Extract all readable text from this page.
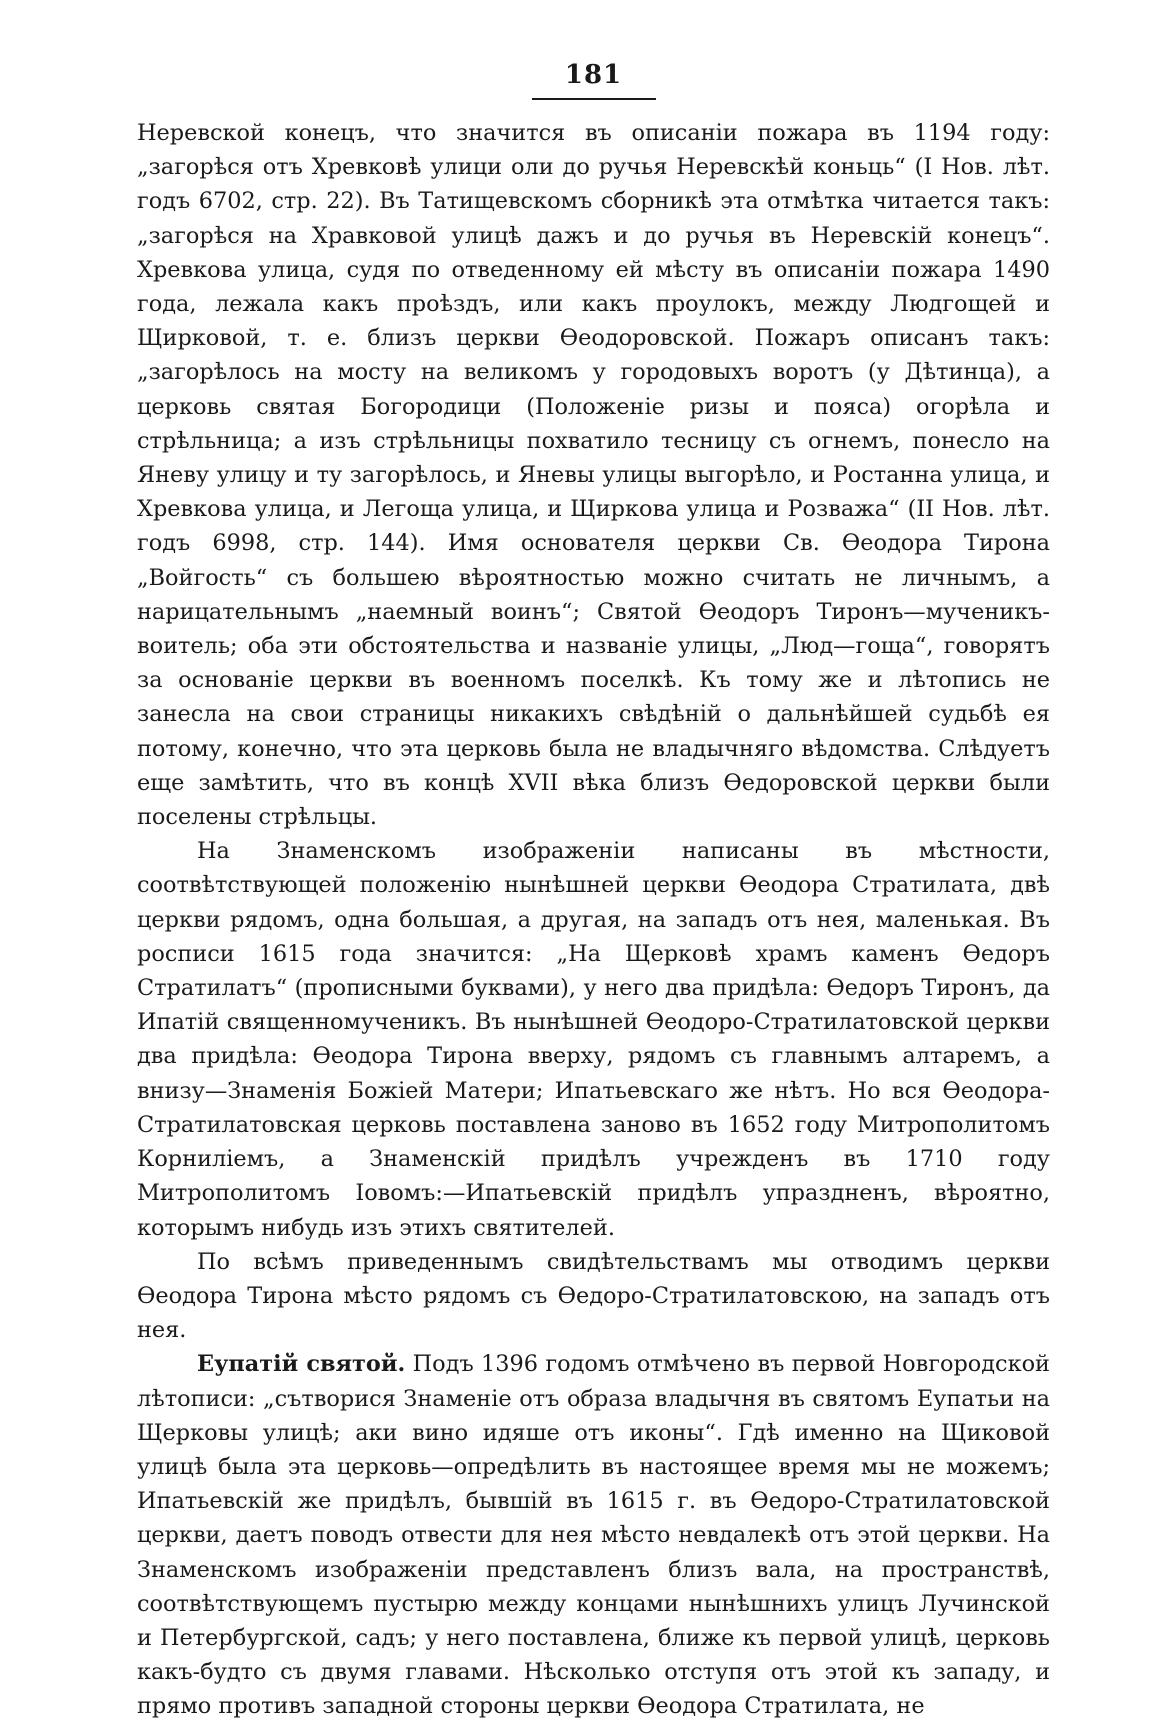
181

Неревской конецъ, что значится въ описаніи пожара въ 1194 году: „загорѣся отъ Хревковѣ улици оли до ручья Неревскѣй коньць“ (I Нов. лѣт. годъ 6702, стр. 22). Въ Татищевскомъ сборникѣ эта отмѣтка читается такъ: „загорѣся на Хравковой улицѣ дажъ и до ручья въ Неревскій конецъ“. Хревкова улица, судя по отведенному ей мѣсту въ описаніи пожара 1490 года, лежала какъ проѣздъ, или какъ проулокъ, между Людгощей и Щирковой, т. е. близъ церкви Ѳеодоровской. Пожаръ описанъ такъ: „загорѣлось на мосту на великомъ у городовыхъ воротъ (у Дѣтинца), а церковь святая Богородици (Положеніе ризы и пояса) огорѣла и стрѣльница; а изъ стрѣльницы похватило тесницу съ огнемъ, понесло на Яневу улицу и ту загорѣлось, и Яневы улицы выгорѣло, и Ростанна улица, и Хревкова улица, и Легоща улица, и Щиркова улица и Розважа“ (II Нов. лѣт. годъ 6998, стр. 144). Имя основателя церкви Св. Ѳеодора Тирона „Войгость“ съ большею вѣроятностью можно считать не личнымъ, а нарицательнымъ „наемный воинъ“; Святой Ѳеодоръ Тиронъ—мученикъ-воитель; оба эти обстоятельства и названіе улицы, „Люд—гоща“, говорятъ за основаніе церкви въ военномъ поселкѣ. Къ тому же и лѣтопись не занесла на свои страницы никакихъ свѣдѣній о дальнѣйшей судьбѣ ея потому, конечно, что эта церковь была не владычняго вѣдомства. Слѣдуетъ еще замѣтить, что въ концѣ XVII вѣка близъ Ѳедоровской церкви были поселены стрѣльцы.

На Знаменскомъ изображеніи написаны въ мѣстности, соотвѣтствующей положенію нынѣшней церкви Ѳеодора Стратилата, двѣ церкви рядомъ, одна большая, а другая, на западъ отъ нея, маленькая. Въ росписи 1615 года значится: „На Щерковѣ храмъ каменъ Ѳедоръ Стратилатъ“ (прописными буквами), у него два придѣла: Ѳедоръ Тиронъ, да Ипатій священномученикъ. Въ нынѣшней Ѳеодоро-Стратилатовской церкви два придѣла: Ѳеодора Тирона вверху, рядомъ съ главнымъ алтаремъ, а внизу—Знаменія Божіей Матери; Ипатьевскаго же нѣтъ. Но вся Ѳеодора-Стратилатовская церковь поставлена заново въ 1652 году Митрополитомъ Корниліемъ, а Знаменскій придѣлъ учрежденъ въ 1710 году Митрополитомъ Іовомъ:—Ипатьевскій придѣлъ упраздненъ, вѣроятно, которымъ нибудь изъ этихъ святителей.

По всѣмъ приведеннымъ свидѣтельствамъ мы отводимъ церкви Ѳеодора Тирона мѣсто рядомъ съ Ѳедоро-Стратилатовскою, на западъ отъ нея.

Еупатій святой. Подъ 1396 годомъ отмѣчено въ первой Новгородской лѣтописи: „сътворися Знаменіе отъ образа владычня въ святомъ Еупатьи на Щерковы улицѣ; аки вино идяше отъ иконы“. Гдѣ именно на Щиковой улицѣ была эта церковь—опредѣлить въ настоящее время мы не можемъ; Ипатьевскій же придѣлъ, бывшій въ 1615 г. въ Ѳедоро-Стратилатовской церкви, даетъ поводъ отвести для нея мѣсто невдалекѣ отъ этой церкви. На Знаменскомъ изображеніи представленъ близъ вала, на пространствѣ, соотвѣтствующемъ пустырю между концами нынѣшнихъ улицъ Лучинской и Петербургской, садъ; у него поставлена, ближе къ первой улицѣ, церковь какъ-будто съ двумя главами. Нѣсколько отступя отъ этой къ западу, и прямо противъ западной стороны церкви Ѳеодора Стратилата, не
